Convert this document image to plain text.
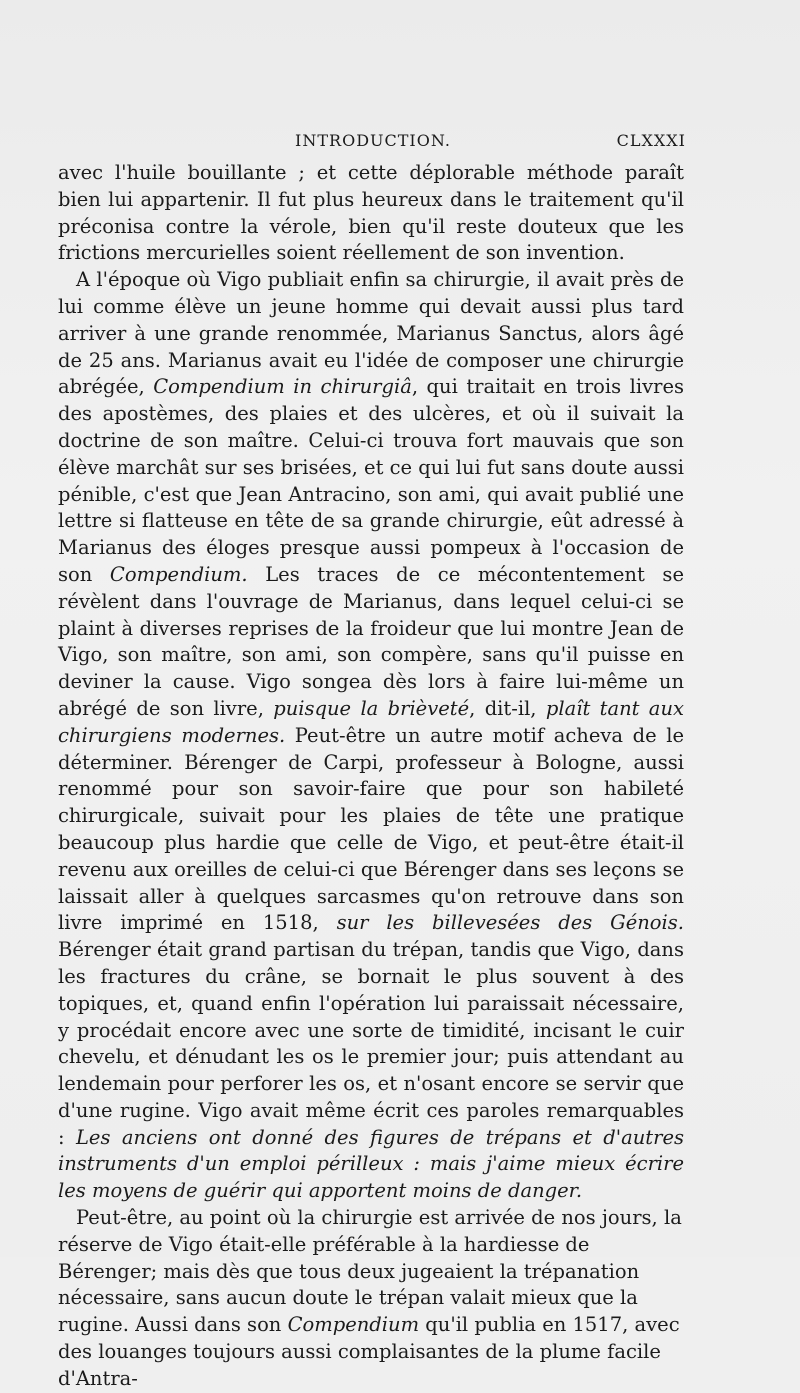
INTRODUCTION.	CLXXXI

avec l'huile bouillante ; et cette déplorable méthode paraît bien lui appartenir. Il fut plus heureux dans le traitement qu'il préconisa contre la vérole, bien qu'il reste douteux que les frictions mercurielles soient réellement de son invention.

A l'époque où Vigo publiait enfin sa chirurgie, il avait près de lui comme élève un jeune homme qui devait aussi plus tard arriver à une grande renommée, Marianus Sanctus, alors âgé de 25 ans. Marianus avait eu l'idée de composer une chirurgie abrégée, Compendium in chirurgiâ, qui traitait en trois livres des apostèmes, des plaies et des ulcères, et où il suivait la doctrine de son maître. Celui-ci trouva fort mauvais que son élève marchât sur ses brisées, et ce qui lui fut sans doute aussi pénible, c'est que Jean Antracino, son ami, qui avait publié une lettre si flatteuse en tête de sa grande chirurgie, eût adressé à Marianus des éloges presque aussi pompeux à l'occasion de son Compendium. Les traces de ce mécontentement se révèlent dans l'ouvrage de Marianus, dans lequel celui-ci se plaint à diverses reprises de la froideur que lui montre Jean de Vigo, son maître, son ami, son compère, sans qu'il puisse en deviner la cause. Vigo songea dès lors à faire lui-même un abrégé de son livre, puisque la brièveté, dit-il, plaît tant aux chirurgiens modernes. Peut-être un autre motif acheva de le déterminer. Bérenger de Carpi, professeur à Bologne, aussi renommé pour son savoir-faire que pour son habileté chirurgicale, suivait pour les plaies de tête une pratique beaucoup plus hardie que celle de Vigo, et peut-être était-il revenu aux oreilles de celui-ci que Bérenger dans ses leçons se laissait aller à quelques sarcasmes qu'on retrouve dans son livre imprimé en 1518, sur les billevesées des Génois. Bérenger était grand partisan du trépan, tandis que Vigo, dans les fractures du crâne, se bornait le plus souvent à des topiques, et, quand enfin l'opération lui paraissait nécessaire, y procédait encore avec une sorte de timidité, incisant le cuir chevelu, et dénudant les os le premier jour; puis attendant au lendemain pour perforer les os, et n'osant encore se servir que d'une rugine. Vigo avait même écrit ces paroles remarquables : Les anciens ont donné des figures de trépans et d'autres instruments d'un emploi périlleux : mais j'aime mieux écrire les moyens de guérir qui apportent moins de danger.

Peut-être, au point où la chirurgie est arrivée de nos jours, la réserve de Vigo était-elle préférable à la hardiesse de Bérenger; mais dès que tous deux jugeaient la trépanation nécessaire, sans aucun doute le trépan valait mieux que la rugine. Aussi dans son Compendium qu'il publia en 1517, avec des louanges toujours aussi complaisantes de la plume facile d'Antra-
